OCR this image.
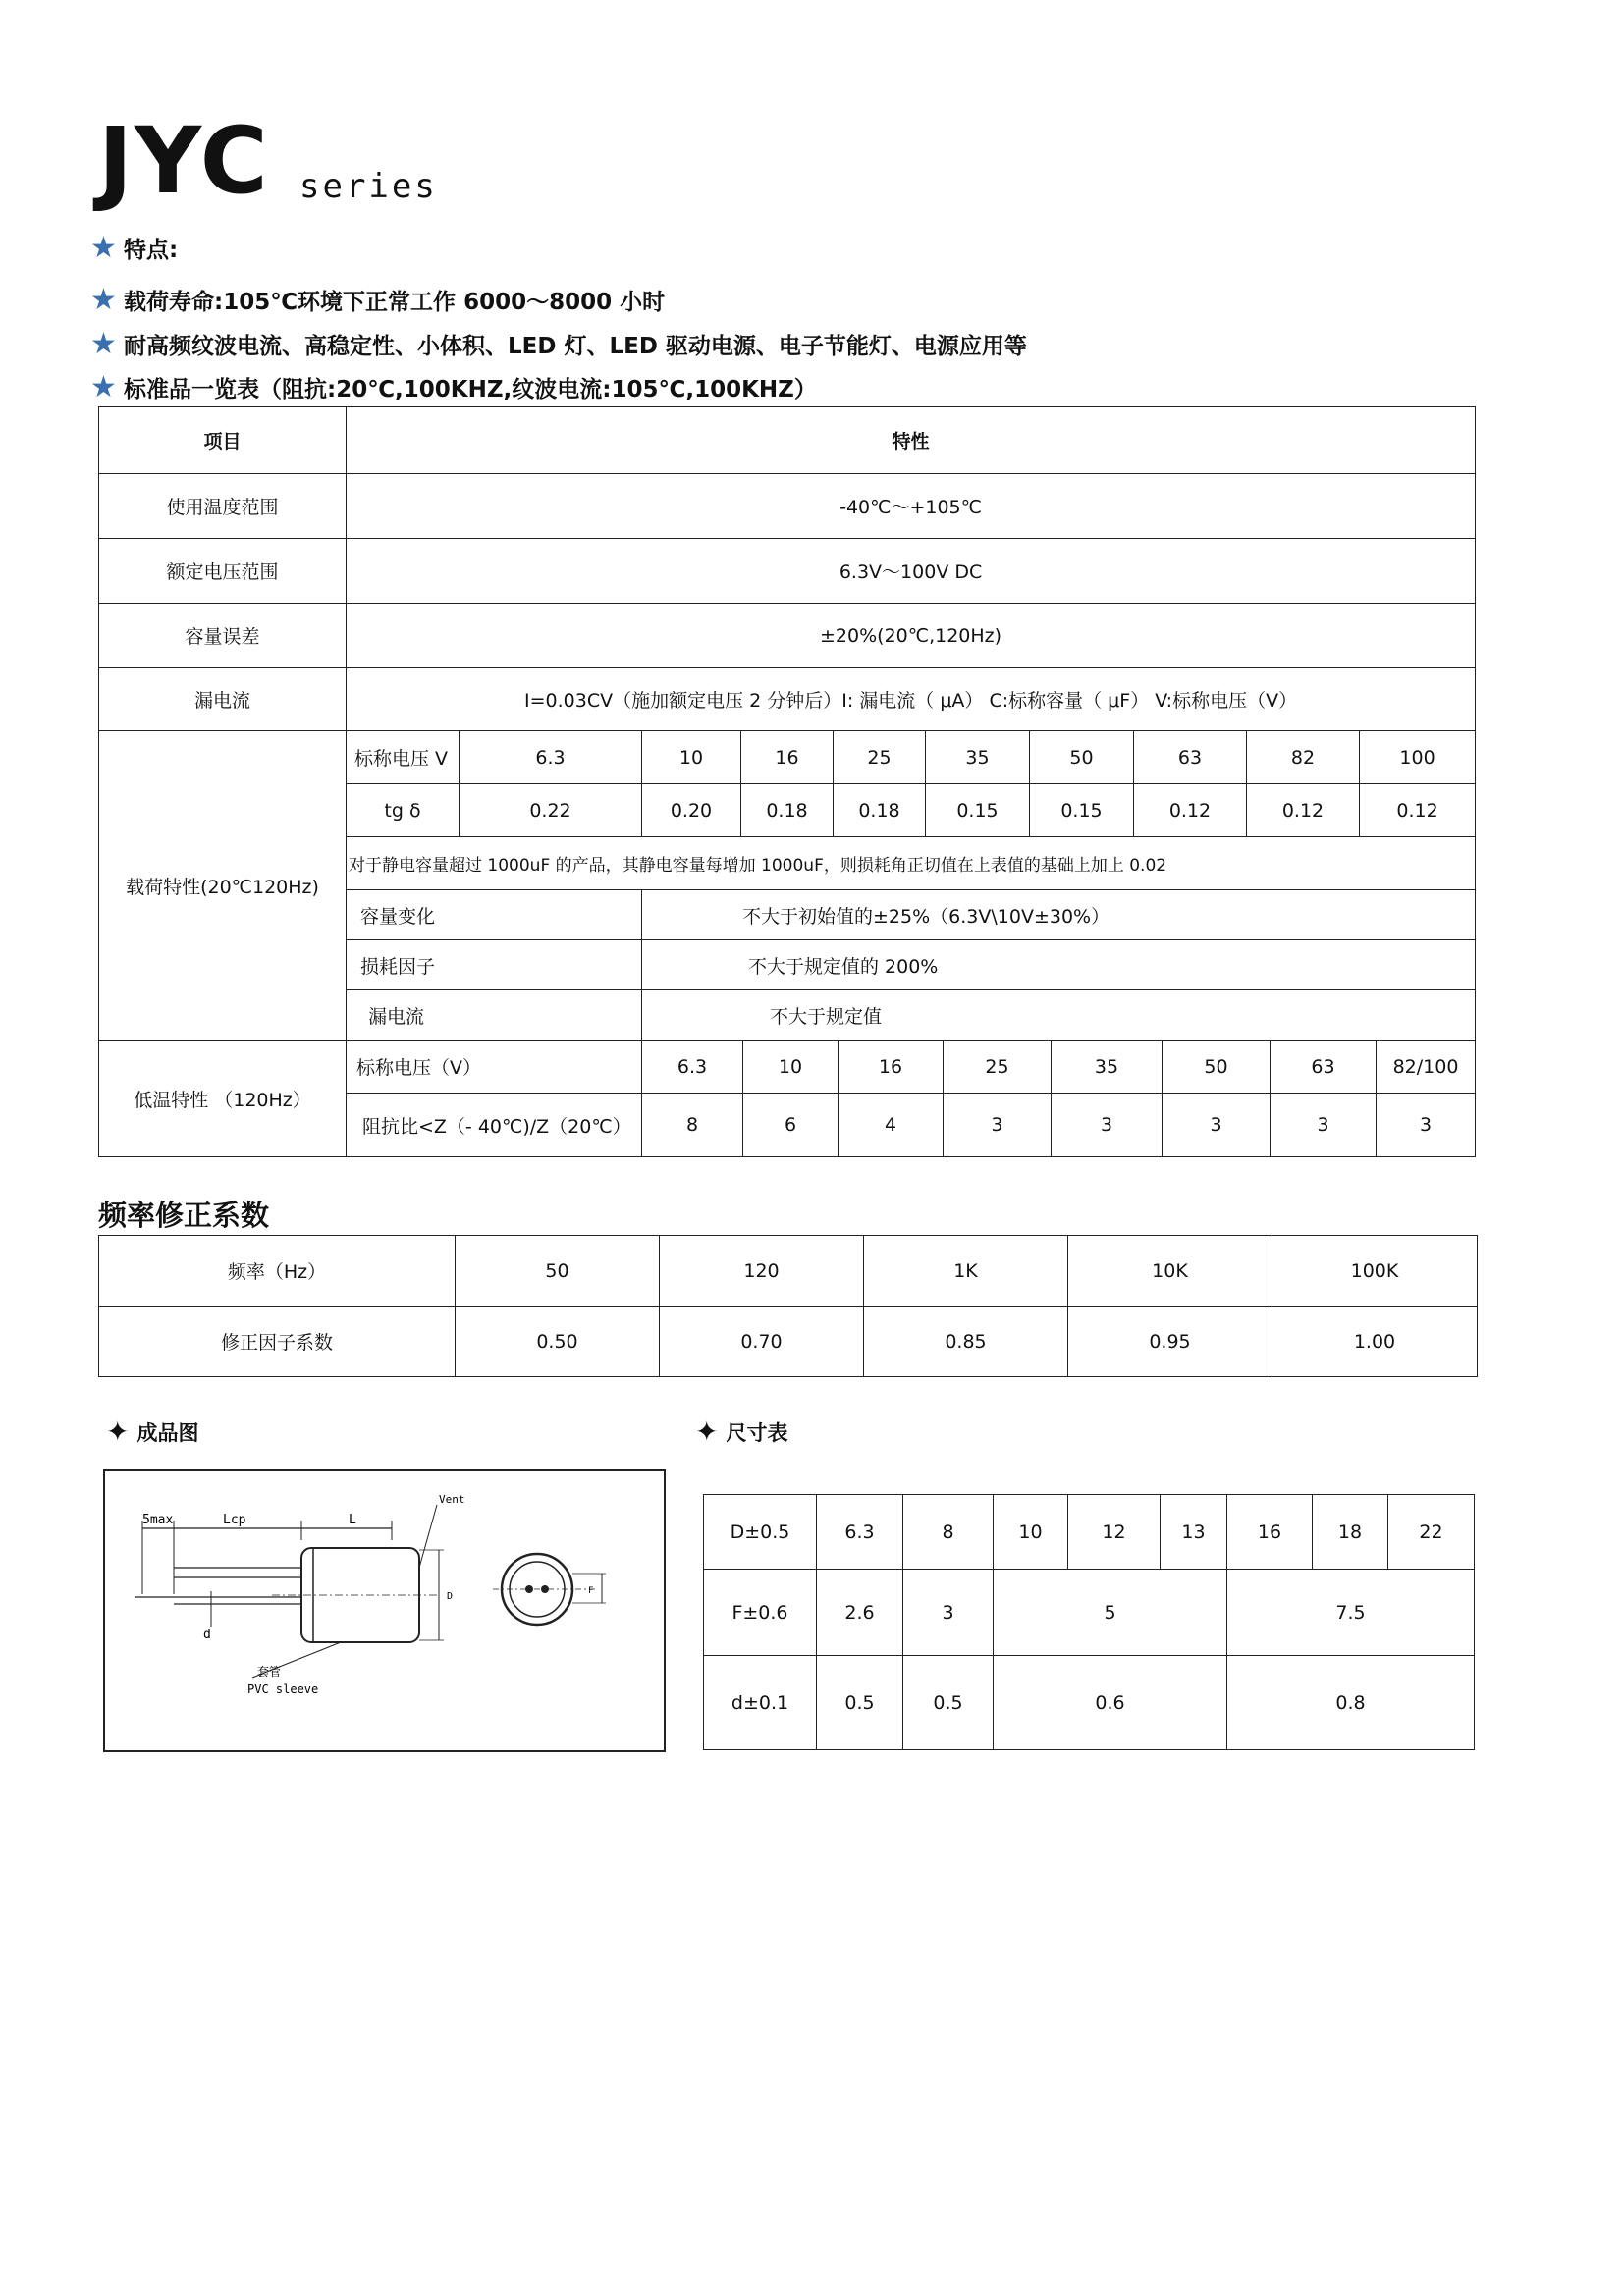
JYC series
★ 特点:
★ 载荷寿命:105℃环境下正常工作 6000～8000 小时
★ 耐高频纹波电流、高稳定性、小体积、LED 灯、LED 驱动电源、电子节能灯、电源应用等
★ 标准品一览表（阻抗:20℃,100KHZ,纹波电流:105℃,100KHZ）
项目	特性									
使用温度范围	-40℃～+105℃									
额定电压范围	6.3V～100V DC									
容量误差	±20%(20℃,120Hz)									
漏电流	I=0.03CV（施加额定电压 2 分钟后）I: 漏电流（ μA） C:标称容量（ μF） V:标称电压（V）									
载荷特性(20℃120Hz)	标称电压 V	6.3	10	16	25	35	50	63	82	100
	tg δ	0.22	0.20	0.18	0.18	0.15	0.15	0.12	0.12	0.12
	对于静电容量超过 1000uF 的产品，其静电容量每增加 1000uF，则损耗角正切值在上表值的基础上加上 0.02									
	容量变化		不大于初始值的±25%（6.3V\10V±30%）							
	损耗因子		不大于规定值的 200%							
	漏电流		不大于规定值							
低温特性 （120Hz）	标称电压（V）	6.3	10	16	25	35	50	63	82/100
	阻抗比<Z（- 40℃)/Z（20℃）	8	6	4	3	3	3	3	3
频率修正系数
频率（Hz）	50	120	1K	10K	100K
修正因子系数	0.50	0.70	0.85	0.95	1.00
✦ 成品图
5max	Lcp	L
Vent
D
d
套管
PVC sleeve
F
✦ 尺寸表
D±0.5	6.3	8	10	12	13	16	18	22	
F±0.6	2.6	3	5			7.5	
d±0.1	0.5	0.5	0.6			0.8	
